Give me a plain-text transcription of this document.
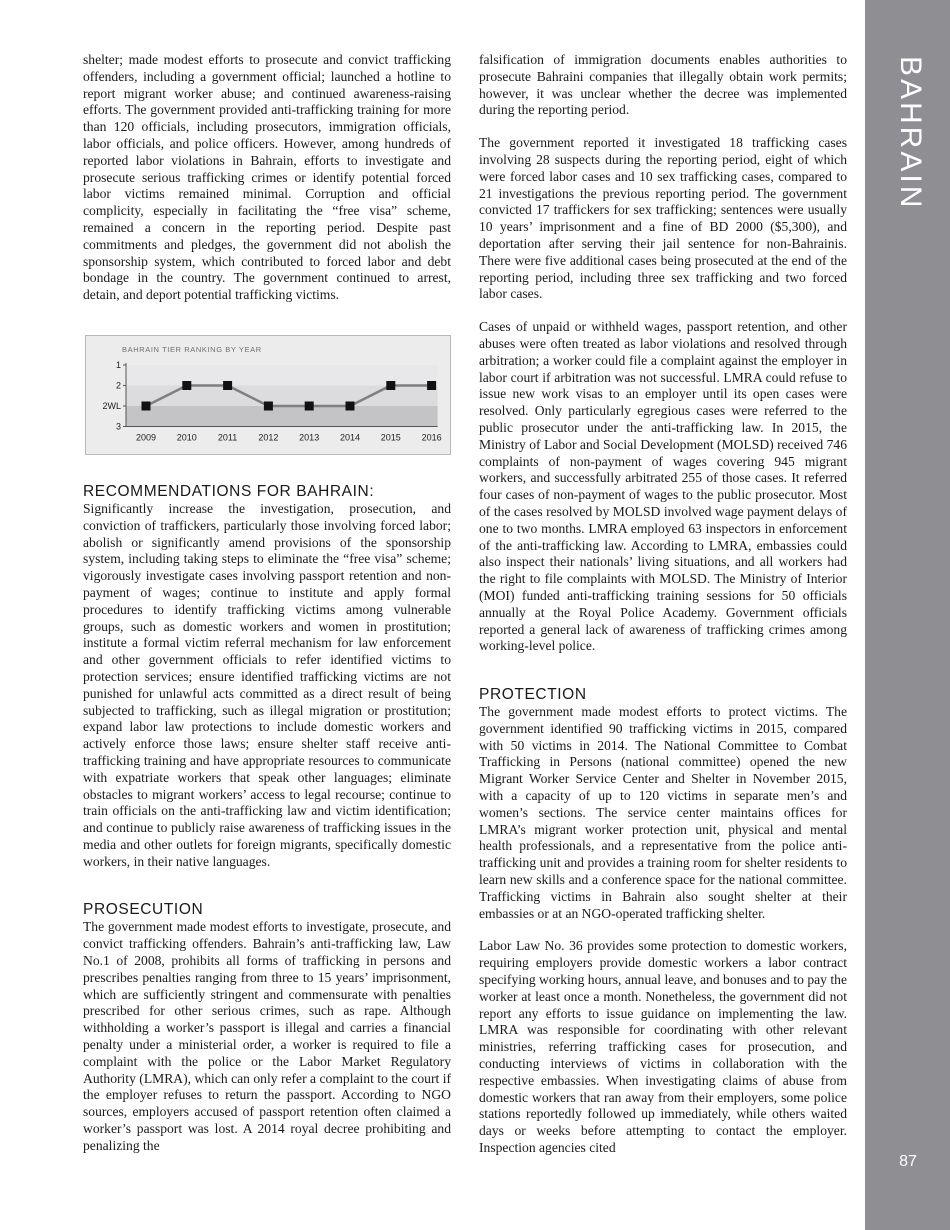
BAHRAIN
87

shelter; made modest efforts to prosecute and convict trafficking offenders, including a government official; launched a hotline to report migrant worker abuse; and continued awareness-raising efforts. The government provided anti-trafficking training for more than 120 officials, including prosecutors, immigration officials, labor officials, and police officers. However, among hundreds of reported labor violations in Bahrain, efforts to investigate and prosecute serious trafficking crimes or identify potential forced labor victims remained minimal. Corruption and official complicity, especially in facilitating the “free visa” scheme, remained a concern in the reporting period. Despite past commitments and pledges, the government did not abolish the sponsorship system, which contributed to forced labor and debt bondage in the country. The government continued to arrest, detain, and deport potential trafficking victims.

1
2
2WL
3
2009 2010 2011 2012 2013 2014 2015 2016
BAHRAIN TIER RANKING BY YEAR
RECOMMENDATIONS FOR BAHRAIN:

Significantly increase the investigation, prosecution, and conviction of traffickers, particularly those involving forced labor; abolish or significantly amend provisions of the sponsorship system, including taking steps to eliminate the “free visa” scheme; vigorously investigate cases involving passport retention and non-payment of wages; continue to institute and apply formal procedures to identify trafficking victims among vulnerable groups, such as domestic workers and women in prostitution; institute a formal victim referral mechanism for law enforcement and other government officials to refer identified victims to protection services; ensure identified trafficking victims are not punished for unlawful acts committed as a direct result of being subjected to trafficking, such as illegal migration or prostitution; expand labor law protections to include domestic workers and actively enforce those laws; ensure shelter staff receive anti-trafficking training and have appropriate resources to communicate with expatriate workers that speak other languages; eliminate obstacles to migrant workers’ access to legal recourse; continue to train officials on the anti-trafficking law and victim identification; and continue to publicly raise awareness of trafficking issues in the media and other outlets for foreign migrants, specifically domestic workers, in their native languages.

PROSECUTION

The government made modest efforts to investigate, prosecute, and convict trafficking offenders. Bahrain’s anti-trafficking law, Law No.1 of 2008, prohibits all forms of trafficking in persons and prescribes penalties ranging from three to 15 years’ imprisonment, which are sufficiently stringent and commensurate with penalties prescribed for other serious crimes, such as rape. Although withholding a worker’s passport is illegal and carries a financial penalty under a ministerial order, a worker is required to file a complaint with the police or the Labor Market Regulatory Authority (LMRA), which can only refer a complaint to the court if the employer refuses to return the passport. According to NGO sources, employers accused of passport retention often claimed a worker’s passport was lost. A 2014 royal decree prohibiting and penalizing the

falsification of immigration documents enables authorities to prosecute Bahraini companies that illegally obtain work permits; however, it was unclear whether the decree was implemented during the reporting period.

The government reported it investigated 18 trafficking cases involving 28 suspects during the reporting period, eight of which were forced labor cases and 10 sex trafficking cases, compared to 21 investigations the previous reporting period. The government convicted 17 traffickers for sex trafficking; sentences were usually 10 years’ imprisonment and a fine of BD 2000 ($5,300), and deportation after serving their jail sentence for non-Bahrainis. There were five additional cases being prosecuted at the end of the reporting period, including three sex trafficking and two forced labor cases.

Cases of unpaid or withheld wages, passport retention, and other abuses were often treated as labor violations and resolved through arbitration; a worker could file a complaint against the employer in labor court if arbitration was not successful. LMRA could refuse to issue new work visas to an employer until its open cases were resolved. Only particularly egregious cases were referred to the public prosecutor under the anti-trafficking law. In 2015, the Ministry of Labor and Social Development (MOLSD) received 746 complaints of non-payment of wages covering 945 migrant workers, and successfully arbitrated 255 of those cases. It referred four cases of non-payment of wages to the public prosecutor. Most of the cases resolved by MOLSD involved wage payment delays of one to two months. LMRA employed 63 inspectors in enforcement of the anti-trafficking law. According to LMRA, embassies could also inspect their nationals’ living situations, and all workers had the right to file complaints with MOLSD. The Ministry of Interior (MOI) funded anti-trafficking training sessions for 50 officials annually at the Royal Police Academy. Government officials reported a general lack of awareness of trafficking crimes among working-level police.

PROTECTION

The government made modest efforts to protect victims. The government identified 90 trafficking victims in 2015, compared with 50 victims in 2014. The National Committee to Combat Trafficking in Persons (national committee) opened the new Migrant Worker Service Center and Shelter in November 2015, with a capacity of up to 120 victims in separate men’s and women’s sections. The service center maintains offices for LMRA’s migrant worker protection unit, physical and mental health professionals, and a representative from the police anti-trafficking unit and provides a training room for shelter residents to learn new skills and a conference space for the national committee. Trafficking victims in Bahrain also sought shelter at their embassies or at an NGO-operated trafficking shelter.

Labor Law No. 36 provides some protection to domestic workers, requiring employers provide domestic workers a labor contract specifying working hours, annual leave, and bonuses and to pay the worker at least once a month. Nonetheless, the government did not report any efforts to issue guidance on implementing the law. LMRA was responsible for coordinating with other relevant ministries, referring trafficking cases for prosecution, and conducting interviews of victims in collaboration with the respective embassies. When investigating claims of abuse from domestic workers that ran away from their employers, some police stations reportedly followed up immediately, while others waited days or weeks before attempting to contact the employer. Inspection agencies cited
